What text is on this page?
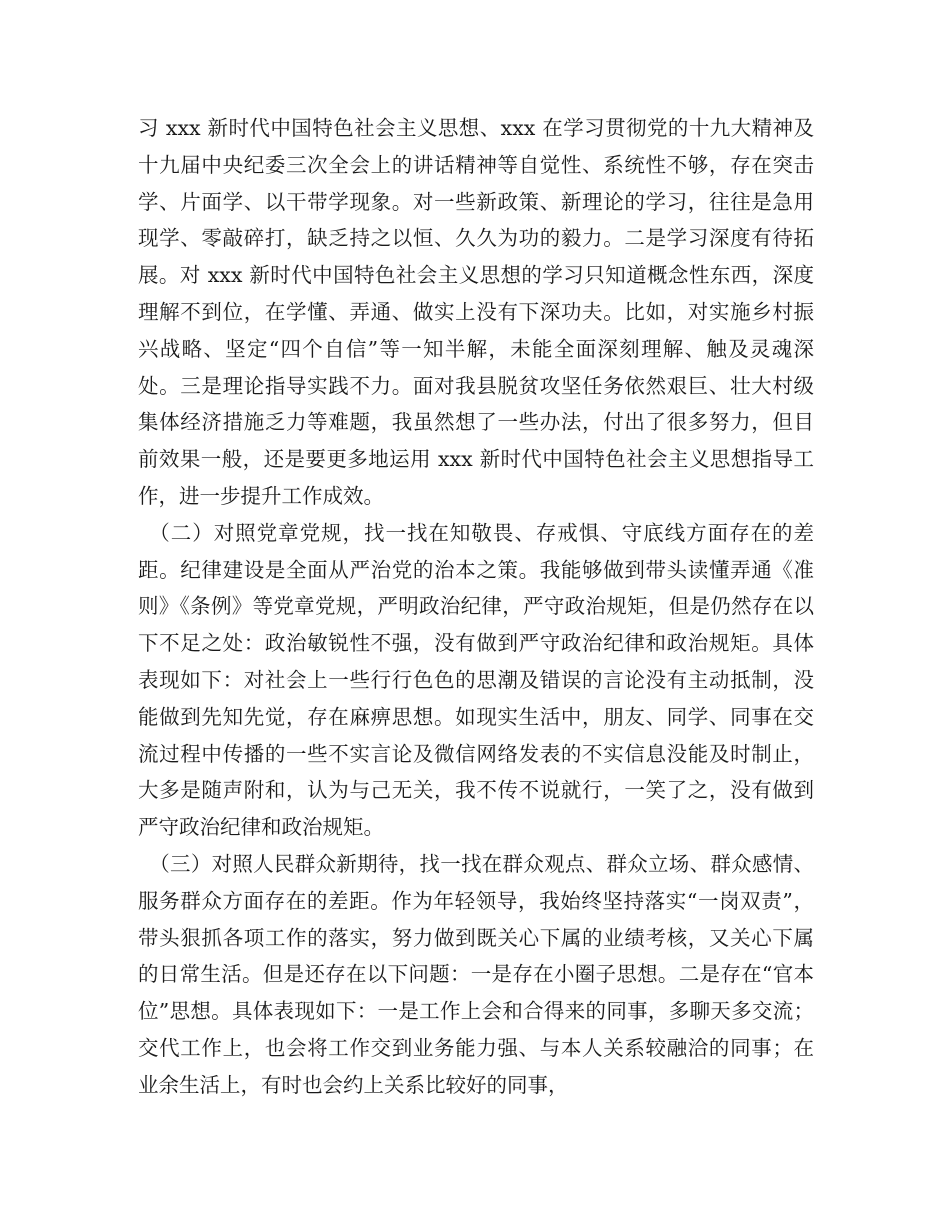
习 xxx 新时代中国特色社会主义思想、xxx 在学习贯彻党的十九大精神及十九届中央纪委三次全会上的讲话精神等自觉性、系统性不够，存在突击学、片面学、以干带学现象。对一些新政策、新理论的学习，往往是急用现学、零敲碎打，缺乏持之以恒、久久为功的毅力。二是学习深度有待拓展。对 xxx 新时代中国特色社会主义思想的学习只知道概念性东西，深度理解不到位，在学懂、弄通、做实上没有下深功夫。比如，对实施乡村振兴战略、坚定“四个自信”等一知半解，未能全面深刻理解、触及灵魂深处。三是理论指导实践不力。面对我县脱贫攻坚任务依然艰巨、壮大村级集体经济措施乏力等难题，我虽然想了一些办法，付出了很多努力，但目前效果一般，还是要更多地运用 xxx 新时代中国特色社会主义思想指导工作，进一步提升工作成效。

（二）对照党章党规，找一找在知敬畏、存戒惧、守底线方面存在的差距。纪律建设是全面从严治党的治本之策。我能够做到带头读懂弄通《准则》《条例》等党章党规，严明政治纪律，严守政治规矩，但是仍然存在以下不足之处：政治敏锐性不强，没有做到严守政治纪律和政治规矩。具体表现如下：对社会上一些行行色色的思潮及错误的言论没有主动抵制，没能做到先知先觉，存在麻痹思想。如现实生活中，朋友、同学、同事在交流过程中传播的一些不实言论及微信网络发表的不实信息没能及时制止，大多是随声附和，认为与己无关，我不传不说就行，一笑了之，没有做到严守政治纪律和政治规矩。

（三）对照人民群众新期待，找一找在群众观点、群众立场、群众感情、服务群众方面存在的差距。作为年轻领导，我始终坚持落实“一岗双责”，带头狠抓各项工作的落实，努力做到既关心下属的业绩考核，又关心下属的日常生活。但是还存在以下问题：一是存在小圈子思想。二是存在“官本位”思想。具体表现如下：一是工作上会和合得来的同事，多聊天多交流；交代工作上，也会将工作交到业务能力强、与本人关系较融洽的同事；在业余生活上，有时也会约上关系比较好的同事，
